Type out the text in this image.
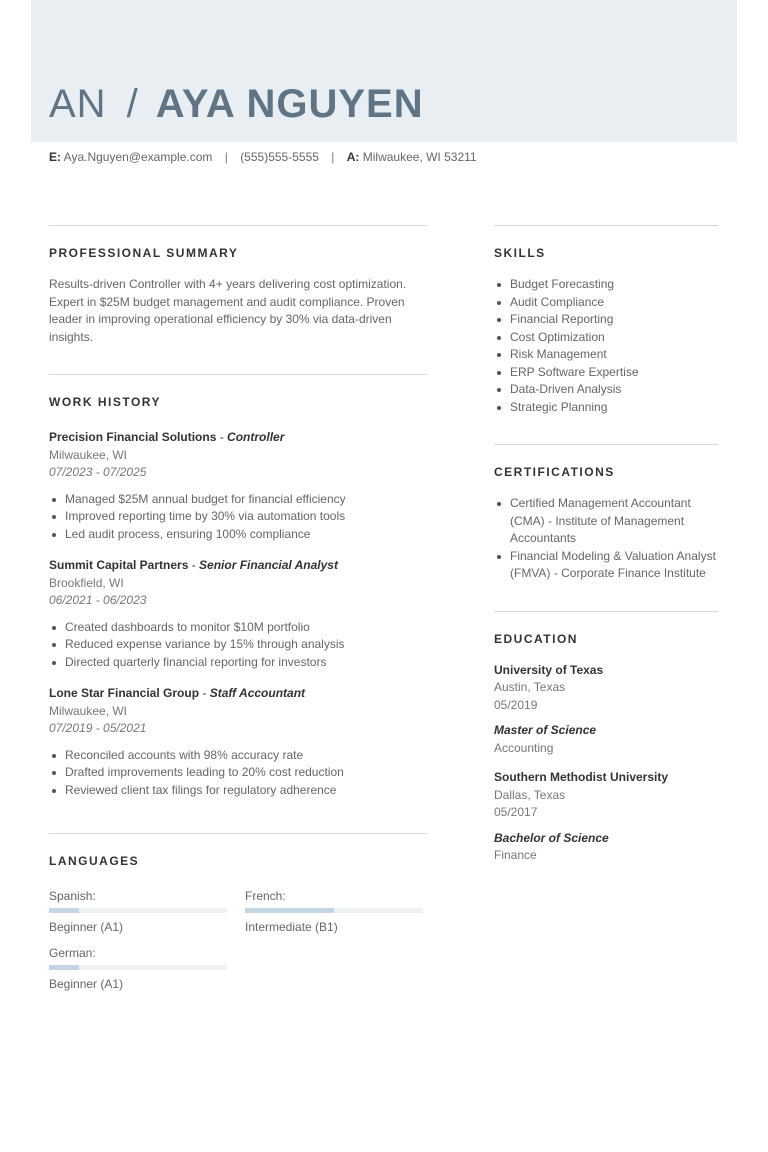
AN / AYA NGUYEN
E: Aya.Nguyen@example.com | (555)555-5555 | A: Milwaukee, WI 53211
PROFESSIONAL SUMMARY

Results-driven Controller with 4+ years delivering cost optimization. Expert in $25M budget management and audit compliance. Proven leader in improving operational efficiency by 30% via data-driven insights.

WORK HISTORY
Precision Financial Solutions - Controller
Milwaukee, WI
07/2023 - 07/2025
Managed $25M annual budget for financial efficiency
Improved reporting time by 30% via automation tools
Led audit process, ensuring 100% compliance
Summit Capital Partners - Senior Financial Analyst
Brookfield, WI
06/2021 - 06/2023
Created dashboards to monitor $10M portfolio
Reduced expense variance by 15% through analysis
Directed quarterly financial reporting for investors
Lone Star Financial Group - Staff Accountant
Milwaukee, WI
07/2019 - 05/2021
Reconciled accounts with 98% accuracy rate
Drafted improvements leading to 20% cost reduction
Reviewed client tax filings for regulatory adherence
LANGUAGES
Spanish:
Beginner (A1)
French:
Intermediate (B1)
German:
Beginner (A1)
SKILLS
Budget Forecasting
Audit Compliance
Financial Reporting
Cost Optimization
Risk Management
ERP Software Expertise
Data-Driven Analysis
Strategic Planning
CERTIFICATIONS
Certified Management Accountant (CMA) - Institute of Management Accountants
Financial Modeling & Valuation Analyst (FMVA) - Corporate Finance Institute
EDUCATION
University of Texas
Austin, Texas
05/2019
Master of Science
Accounting
Southern Methodist University
Dallas, Texas
05/2017
Bachelor of Science
Finance
